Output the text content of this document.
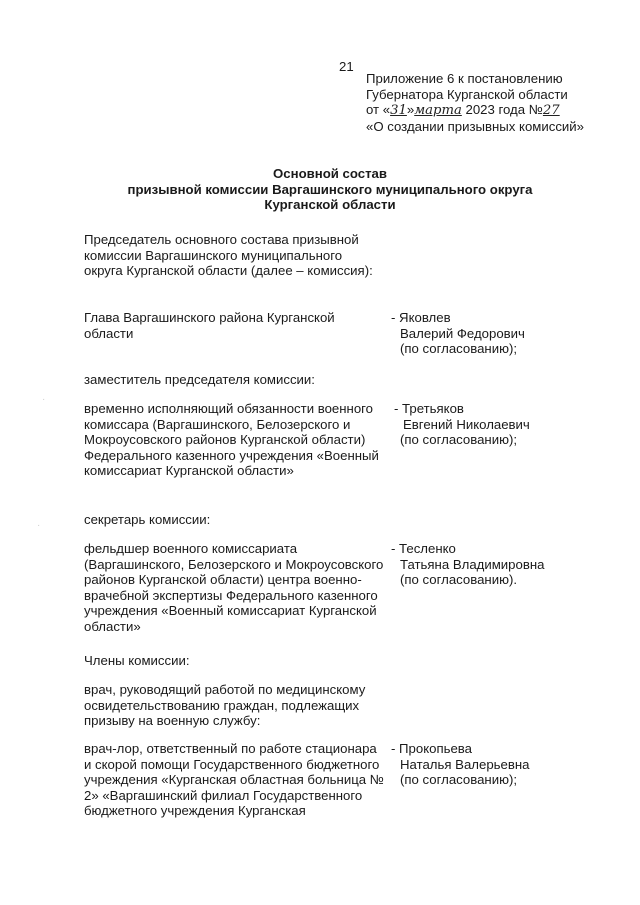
21
Приложение 6 к постановлению
Губернатора Курганской области
от «31»марта 2023 года №27
«О создании призывных комиссий»
Основной состав
призывной комиссии Варгашинского муниципального округа
Курганской области
Председатель основного состава призывной комиссии Варгашинского муниципального округа Курганской области (далее – комиссия):
Глава Варгашинского района Курганской области
- Яковлев
Валерий Федорович
(по согласованию);
заместитель председателя комиссии:
временно исполняющий обязанности военного комиссара (Варгашинского, Белозерского и Мокроусовского районов Курганской области) Федерального казенного учреждения «Военный комиссариат Курганской области»
- Третьяков
Евгений Николаевич
(по согласованию);
секретарь комиссии:
фельдшер военного комиссариата (Варгашинского, Белозерского и Мокроусовского районов Курганской области) центра военно-врачебной экспертизы Федерального казенного учреждения «Военный комиссариат Курганской области»
- Тесленко
Татьяна Владимировна
(по согласованию).
Члены комиссии:
врач, руководящий работой по медицинскому освидетельствованию граждан, подлежащих призыву на военную службу:
врач-лор, ответственный по работе стационара и скорой помощи Государственного бюджетного учреждения «Курганская областная больница № 2» «Варгашинский филиал Государственного бюджетного учреждения Курганская
- Прокопьева
Наталья Валерьевна
(по согласованию);
·
·
